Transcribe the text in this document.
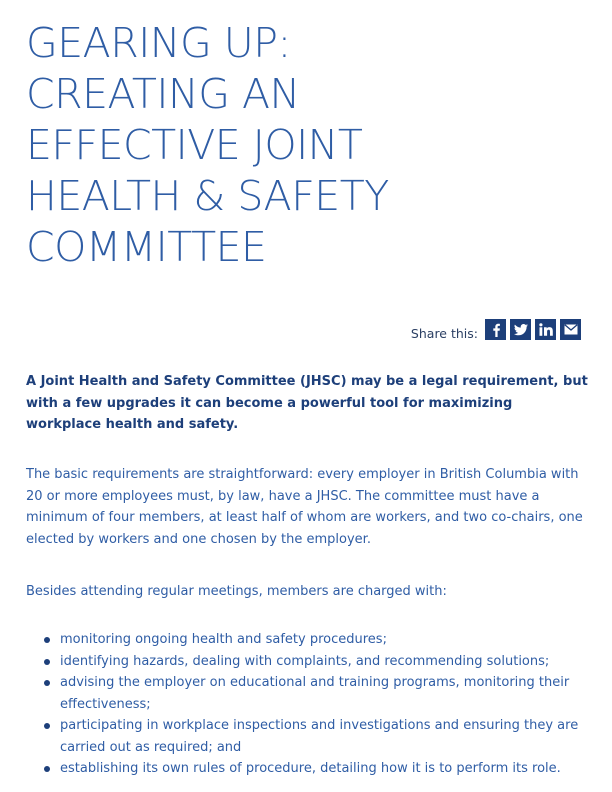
GEARING UP:
CREATING AN
EFFECTIVE JOINT
HEALTH & SAFETY
COMMITTEE
Share this:

A Joint Health and Safety Committee (JHSC) may be a legal requirement, but with a few upgrades it can become a powerful tool for maximizing workplace health and safety.

The basic requirements are straightforward: every employer in British Columbia with 20 or more employees must, by law, have a JHSC. The committee must have a minimum of four members, at least half of whom are workers, and two co-chairs, one elected by workers and one chosen by the employer.

Besides attending regular meetings, members are charged with:

monitoring ongoing health and safety procedures;
identifying hazards, dealing with complaints, and recommending solutions;
advising the employer on educational and training programs, monitoring their effectiveness;
participating in workplace inspections and investigations and ensuring they are carried out as required; and
establishing its own rules of procedure, detailing how it is to perform its role.
